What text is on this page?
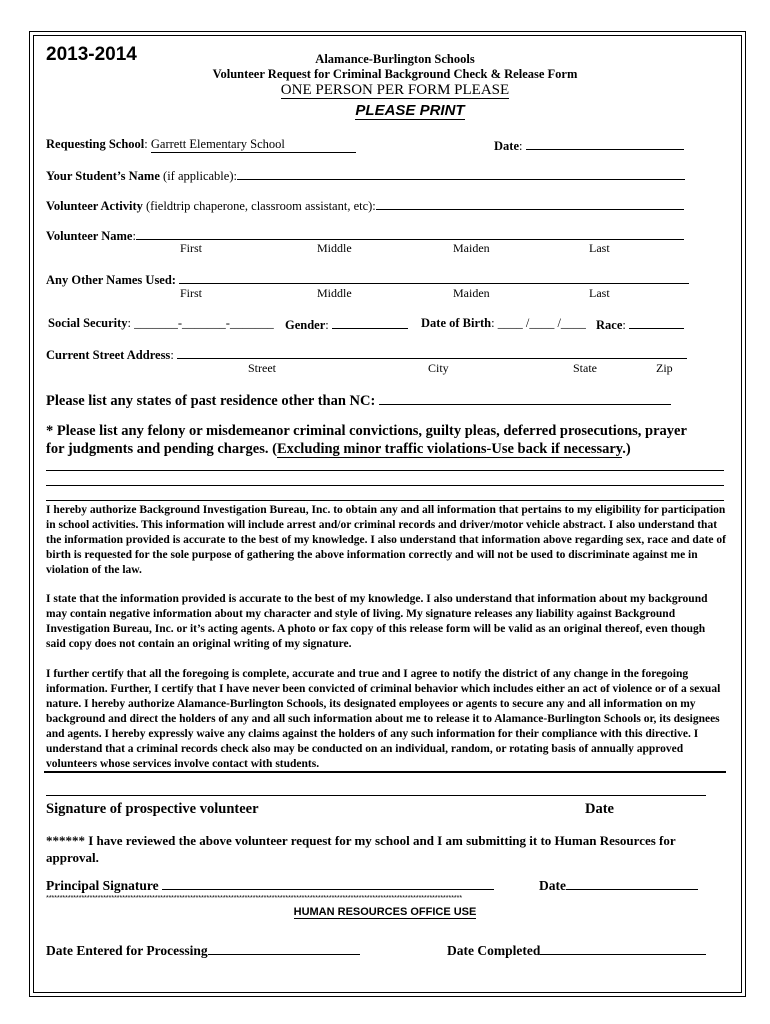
2013-2014	Alamance-Burlington Schools
Volunteer Request for Criminal Background Check & Release Form
ONE PERSON PER FORM PLEASE
PLEASE PRINT
Requesting School: Garrett Elementary School	Date:
Your Student’s Name (if applicable):
Volunteer Activity (fieldtrip chaperone, classroom assistant, etc):
Volunteer Name:
First	Middle	Maiden	Last
Any Other Names Used:
First	Middle	Maiden	Last
Social Security: _______-_______-_______ Gender:	Date of Birth: ____ /____ /____ Race:
Current Street Address:
Street	City	State	Zip
Please list any states of past residence other than NC:
* Please list any felony or misdemeanor criminal convictions, guilty pleas, deferred prosecutions, prayer
for judgments and pending charges. (Excluding minor traffic violations-Use back if necessary.)
I hereby authorize Background Investigation Bureau, Inc. to obtain any and all information that pertains to my eligibility for participation in school activities. This information will include arrest and/or criminal records and driver/motor vehicle abstract. I also understand that the information provided is accurate to the best of my knowledge. I also understand that information above regarding sex, race and date of birth is requested for the sole purpose of gathering the above information correctly and will not be used to discriminate against me in violation of the law.
I state that the information provided is accurate to the best of my knowledge. I also understand that information about my background may contain negative information about my character and style of living. My signature releases any liability against Background Investigation Bureau, Inc. or it’s acting agents. A photo or fax copy of this release form will be valid as an original thereof, even though said copy does not contain an original writing of my signature.
I further certify that all the foregoing is complete, accurate and true and I agree to notify the district of any change in the foregoing information. Further, I certify that I have never been convicted of criminal behavior which includes either an act of violence or of a sexual nature. I hereby authorize Alamance-Burlington Schools, its designated employees or agents to secure any and all information on my background and direct the holders of any and all such information about me to release it to Alamance-Burlington Schools or, its designees and agents. I hereby expressly waive any claims against the holders of any such information for their compliance with this directive. I understand that a criminal records check also may be conducted on an individual, random, or rotating basis of annually approved volunteers whose services involve contact with students.
Signature of prospective volunteer	Date
****** I have reviewed the above volunteer request for my school and I am submitting it to Human Resources for approval.
Principal Signature	Date
*********************************************************************************************************************************************************
HUMAN RESOURCES OFFICE USE
Date Entered for Processing	Date Completed
